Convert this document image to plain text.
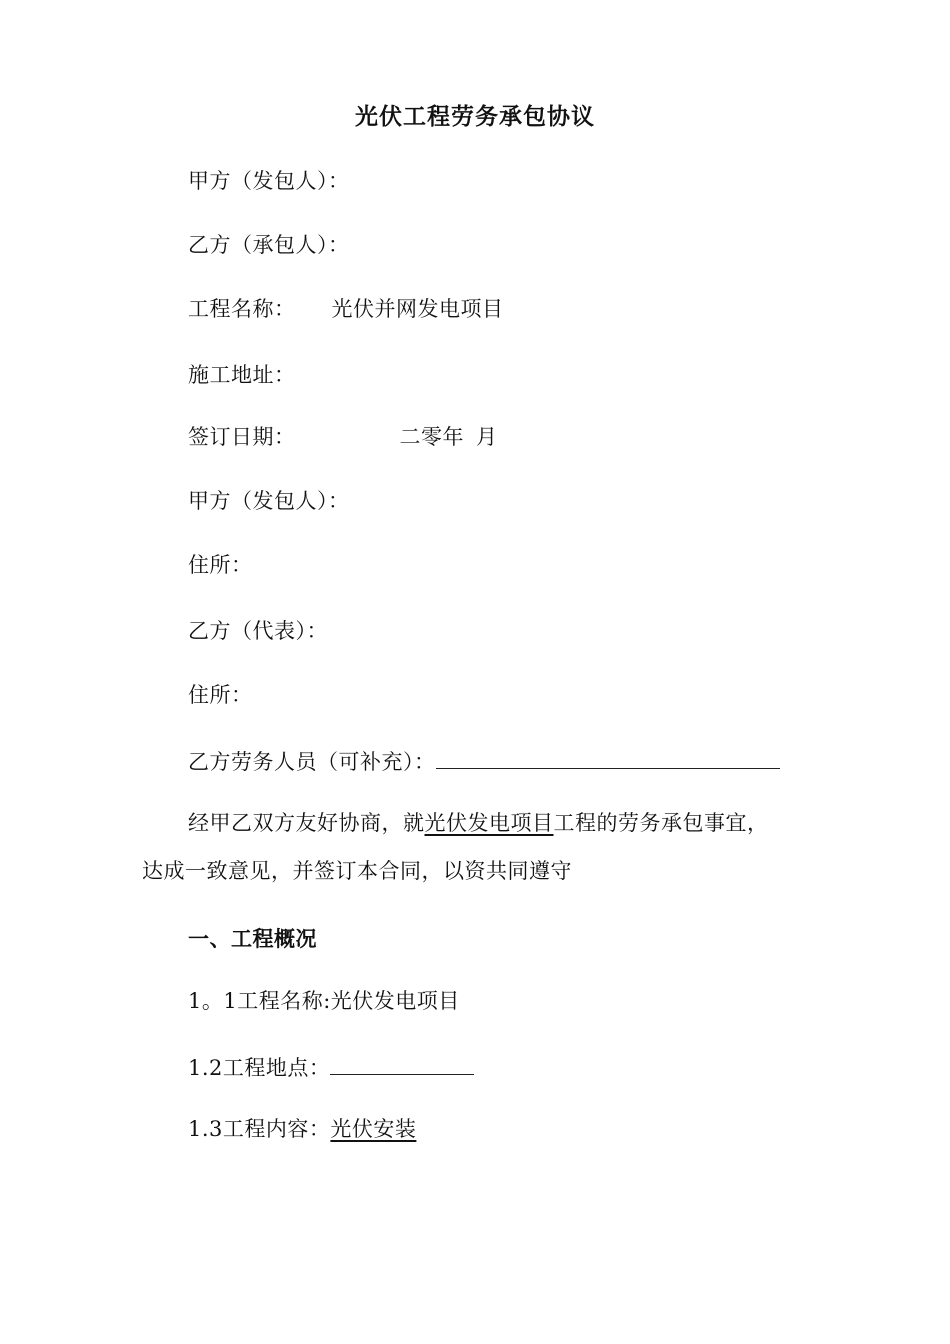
光伏工程劳务承包协议
甲方（发包人）：
乙方（承包人）：
工程名称： 光伏并网发电项目
施工地址：
签订日期：	二零年 月
甲方（发包人）：
住所：
乙方（代表）：
住所：
乙方劳务人员（可补充）：
经甲乙双方友好协商，就光伏发电项目工程的劳务承包事宜，
达成一致意见，并签订本合同，以资共同遵守
一、工程概况
1。1工程名称:光伏发电项目
1.2工程地点：
1.3工程内容：光伏安装
